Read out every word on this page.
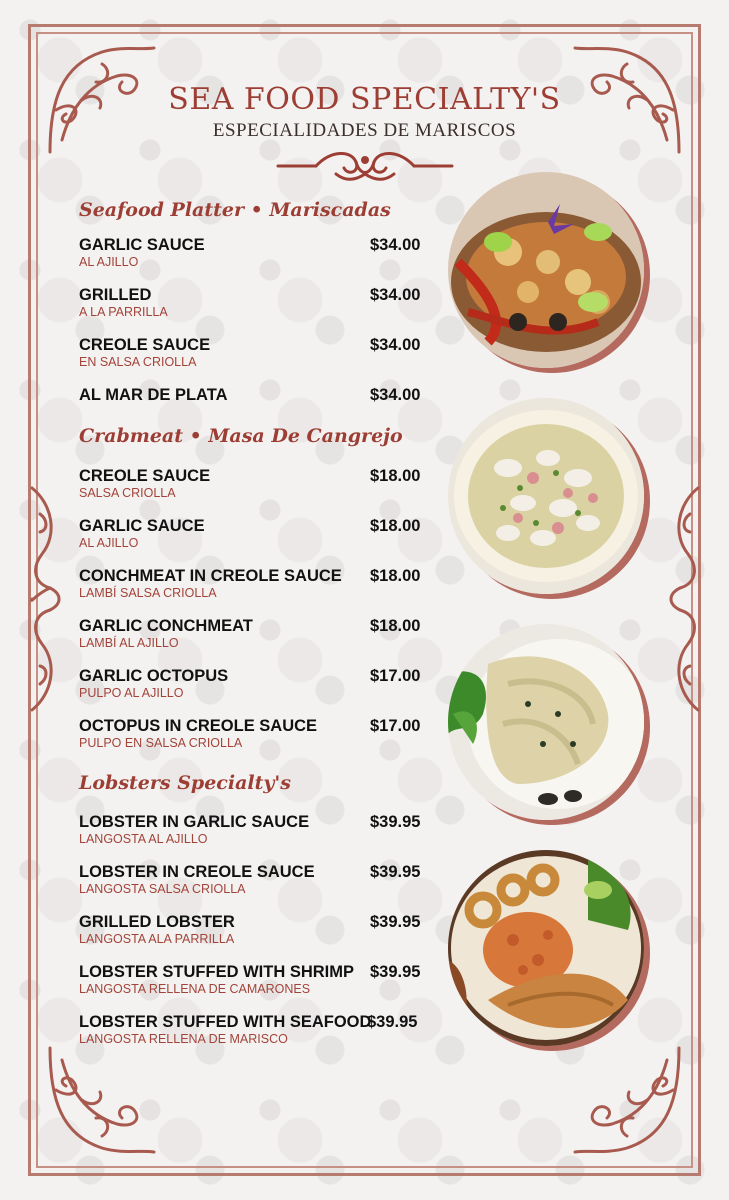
SEA FOOD SPECIALTY'S
ESPECIALIDADES DE MARISCOS
Seafood Platter • Mariscadas
GARLIC SAUCE
AL AJILLO
$34.00
GRILLED
A LA PARRILLA
$34.00
CREOLE SAUCE
EN SALSA CRIOLLA
$34.00
AL MAR DE PLATA	$34.00
Crabmeat • Masa De Cangrejo
CREOLE SAUCE
SALSA CRIOLLA
$18.00
GARLIC SAUCE
AL AJILLO
$18.00
CONCHMEAT IN CREOLE SAUCE
LAMBÍ SALSA CRIOLLA
$18.00
GARLIC CONCHMEAT
LAMBÍ AL AJILLO
$18.00
GARLIC OCTOPUS
PULPO AL AJILLO
$17.00
OCTOPUS IN CREOLE SAUCE
PULPO EN SALSA CRIOLLA
$17.00
Lobsters Specialty's
LOBSTER IN GARLIC SAUCE
LANGOSTA AL AJILLO
$39.95
LOBSTER IN CREOLE SAUCE
LANGOSTA SALSA CRIOLLA
$39.95
GRILLED LOBSTER
LANGOSTA ALA PARRILLA
$39.95
LOBSTER STUFFED WITH SHRIMP
LANGOSTA RELLENA DE CAMARONES
$39.95
LOBSTER STUFFED WITH SEAFOOD
LANGOSTA RELLENA DE MARISCO
$39.95
